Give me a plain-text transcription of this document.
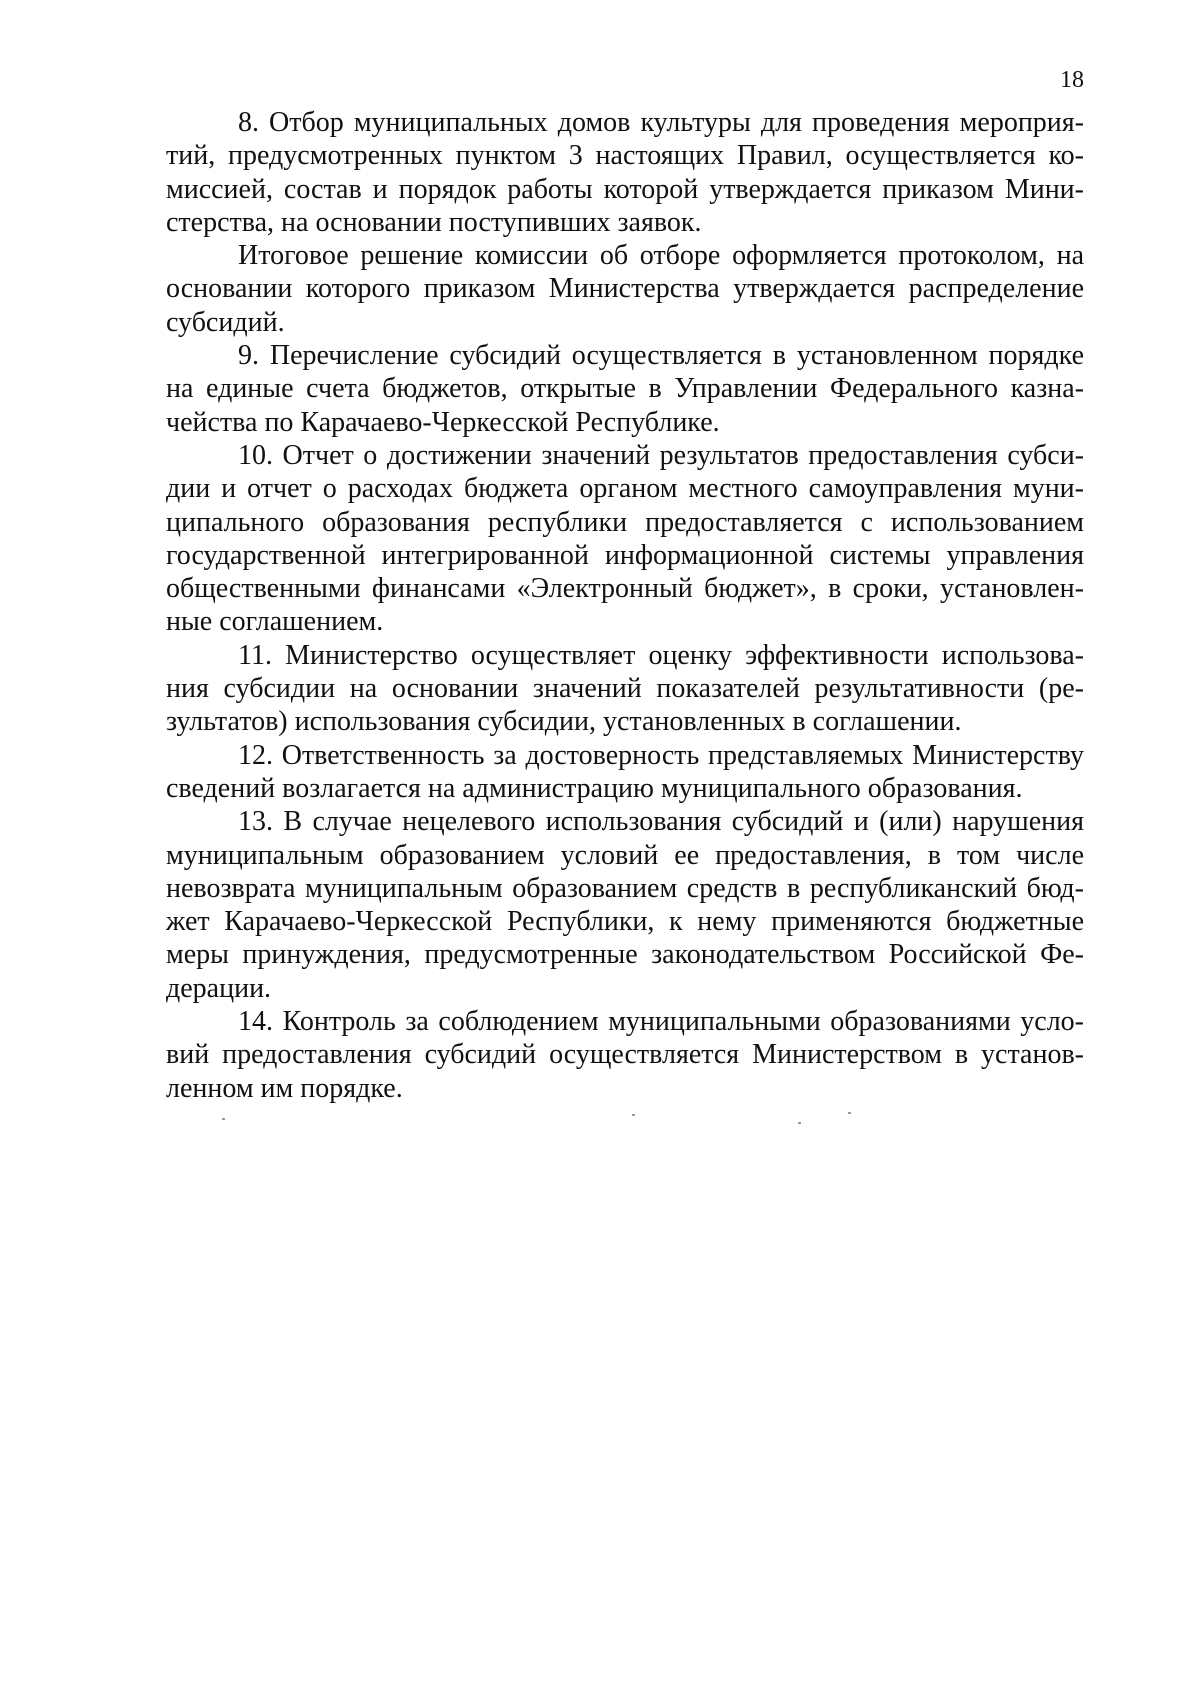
18

8. Отбор муниципальных домов культуры для проведения мероприятий, предусмотренных пунктом 3 настоящих Правил, осуществляется комиссией, состав и порядок работы которой утверждается приказом Министерства, на основании поступивших заявок.

Итоговое решение комиссии об отборе оформляется протоколом, на основании которого приказом Министерства утверждается распределение субсидий.

9. Перечисление субсидий осуществляется в установленном порядке на единые счета бюджетов, открытые в Управлении Федерального казначейства по Карачаево-Черкесской Республике.

10. Отчет о достижении значений результатов предоставления субсидии и отчет о расходах бюджета органом местного самоуправления муниципального образования республики предоставляется с использованием государственной интегрированной информационной системы управления общественными финансами «Электронный бюджет», в сроки, установленные соглашением.

11. Министерство осуществляет оценку эффективности использования субсидии на основании значений показателей результативности (результатов) использования субсидии, установленных в соглашении.

12. Ответственность за достоверность представляемых Министерству сведений возлагается на администрацию муниципального образования.

13. В случае нецелевого использования субсидий и (или) нарушения муниципальным образованием условий ее предоставления, в том числе невозврата муниципальным образованием средств в республиканский бюджет Карачаево-Черкесской Республики, к нему применяются бюджетные меры принуждения, предусмотренные законодательством Российской Федерации.

14. Контроль за соблюдением муниципальными образованиями условий предоставления субсидий осуществляется Министерством в установленном им порядке.
